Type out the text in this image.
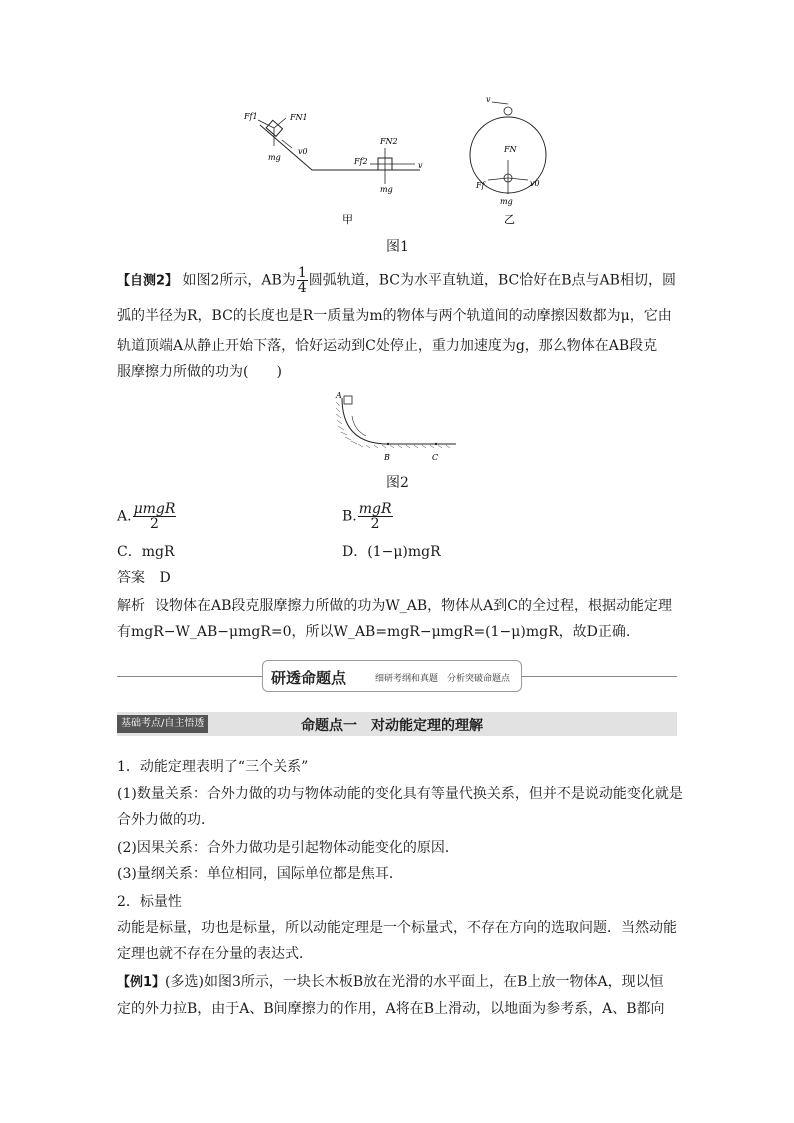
Ff1	FN1
v0
mg
FN2
Ff2	v
mg
甲
v
FN
Ff	v0
mg
乙
图1
【自测2】 如图2所示，AB为 $\frac{1}{4}$ 圆弧轨道，BC为水平直轨道，BC恰好在B点与AB相切，圆
弧的半径为R，BC的长度也是R一质量为m的物体与两个轨道间的动摩擦因数都为μ，它由
轨道顶端A从静止开始下落，恰好运动到C处停止，重力加速度为g，那么物体在AB段克
服摩擦力所做的功为(　　)
A
B	C
图2
A. $\frac{\text{μmgR}}{2}$	B. $\frac{\text{mgR}}{2}$
C．mgR	D．(1−μ)mgR
答案 D
解析 设物体在AB段克服摩擦力所做的功为W_AB，物体从A到C的全过程，根据动能定理
有mgR−W_AB−μmgR=0，所以W_AB=mgR−μmgR=(1−μ)mgR，故D正确.
研透命题点	细研考纲和真题　分析突破命题点
基础考点/自主悟透	命题点一　对动能定理的理解
1．动能定理表明了“三个关系”
(1)数量关系：合外力做的功与物体动能的变化具有等量代换关系，但并不是说动能变化就是
合外力做的功．
(2)因果关系：合外力做功是引起物体动能变化的原因．
(3)量纲关系：单位相同，国际单位都是焦耳．
2．标量性
动能是标量，功也是标量，所以动能定理是一个标量式，不存在方向的选取问题．当然动能
定理也就不存在分量的表达式．
【例1】(多选)如图3所示，一块长木板B放在光滑的水平面上，在B上放一物体A，现以恒
定的外力拉B，由于A、B间摩擦力的作用，A将在B上滑动，以地面为参考系，A、B都向
